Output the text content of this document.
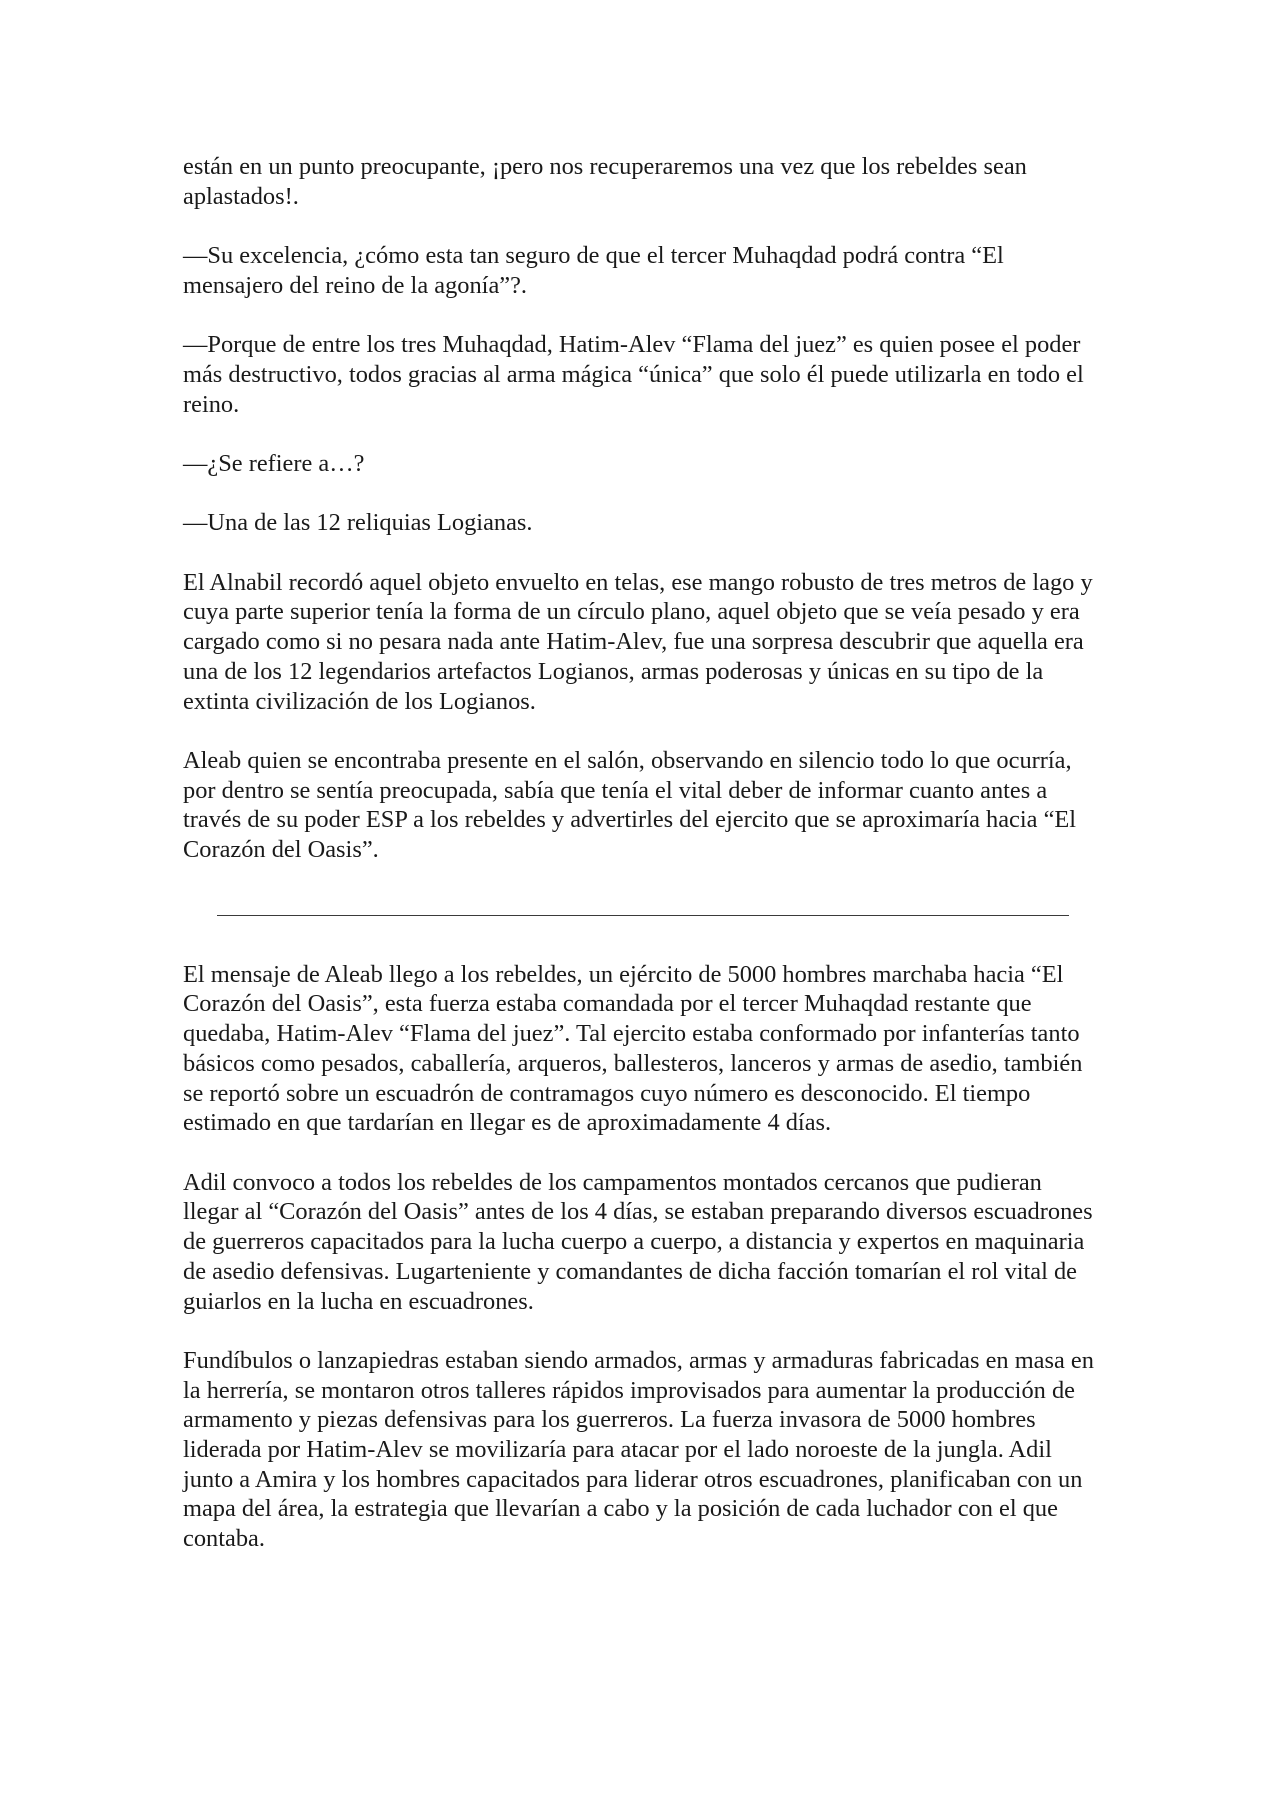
están en un punto preocupante, ¡pero nos recuperaremos una vez que los rebeldes sean aplastados!.

—Su excelencia, ¿cómo esta tan seguro de que el tercer Muhaqdad podrá contra “El mensajero del reino de la agonía”?.

—Porque de entre los tres Muhaqdad, Hatim-Alev “Flama del juez” es quien posee el poder más destructivo, todos gracias al arma mágica “única” que solo él puede utilizarla en todo el reino.

—¿Se refiere a…?

—Una de las 12 reliquias Logianas.

El Alnabil recordó aquel objeto envuelto en telas, ese mango robusto de tres metros de lago y cuya parte superior tenía la forma de un círculo plano, aquel objeto que se veía pesado y era cargado como si no pesara nada ante Hatim-Alev, fue una sorpresa descubrir que aquella era una de los 12 legendarios artefactos Logianos, armas poderosas y únicas en su tipo de la extinta civilización de los Logianos.

Aleab quien se encontraba presente en el salón, observando en silencio todo lo que ocurría, por dentro se sentía preocupada, sabía que tenía el vital deber de informar cuanto antes a través de su poder ESP a los rebeldes y advertirles del ejercito que se aproximaría hacia “El Corazón del Oasis”.

El mensaje de Aleab llego a los rebeldes, un ejército de 5000 hombres marchaba hacia “El Corazón del Oasis”, esta fuerza estaba comandada por el tercer Muhaqdad restante que quedaba, Hatim-Alev “Flama del juez”. Tal ejercito estaba conformado por infanterías tanto básicos como pesados, caballería, arqueros, ballesteros, lanceros y armas de asedio, también se reportó sobre un escuadrón de contramagos cuyo número es desconocido. El tiempo estimado en que tardarían en llegar es de aproximadamente 4 días.

Adil convoco a todos los rebeldes de los campamentos montados cercanos que pudieran llegar al “Corazón del Oasis” antes de los 4 días, se estaban preparando diversos escuadrones de guerreros capacitados para la lucha cuerpo a cuerpo, a distancia y expertos en maquinaria de asedio defensivas. Lugarteniente y comandantes de dicha facción tomarían el rol vital de guiarlos en la lucha en escuadrones.

Fundíbulos o lanzapiedras estaban siendo armados, armas y armaduras fabricadas en masa en la herrería, se montaron otros talleres rápidos improvisados para aumentar la producción de armamento y piezas defensivas para los guerreros. La fuerza invasora de 5000 hombres liderada por Hatim-Alev se movilizaría para atacar por el lado noroeste de la jungla. Adil junto a Amira y los hombres capacitados para liderar otros escuadrones, planificaban con un mapa del área, la estrategia que llevarían a cabo y la posición de cada luchador con el que contaba.
